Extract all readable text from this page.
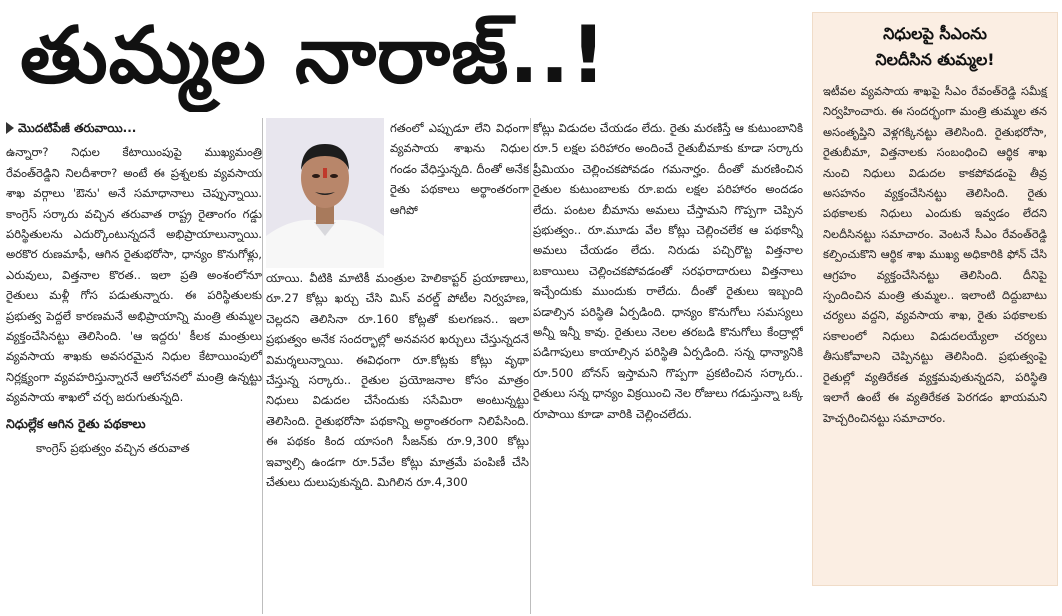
తుమ్మల నారాజ్..!
మొదటిపేజీ తరువాయి...

ఉన్నారా? నిధుల కేటాయింపుపై ముఖ్యమంత్రి రేవంత్‌రెడ్డిని నిలదీశారా? అంటే ఈ ప్రశ్నలకు వ్యవసాయ శాఖ వర్గాలు 'ఔను' అనే సమాధానాలు చెప్పున్నాయి. కాంగ్రెస్ సర్కారు వచ్చిన తరువాత రాష్ట్ర రైతాంగం గడ్డు పరిస్థితులను ఎదుర్కొంటున్నదనే అభిప్రాయాలున్నాయి. అరకొర రుణమాఫీ, ఆగిన రైతుభరోసా, ధాన్యం కొనుగోళ్లు, ఎరువులు, విత్తనాల కొరత.. ఇలా ప్రతి అంశంలోనూ రైతులు మళ్లీ గోస పడుతున్నారు. ఈ పరిస్థితులకు ప్రభుత్వ పెద్దలే కారణమనే అభిప్రాయాన్ని మంత్రి తుమ్మల వ్యక్తంచేసినట్టు తెలిసింది. 'ఆ ఇద్దరు' కీలక మంత్రులు వ్యవసాయ శాఖకు అవసరమైన నిధుల కేటాయింపులో నిర్లక్ష్యంగా వ్యవహరిస్తున్నారనే ఆలోచనలో మంత్రి ఉన్నట్టు వ్యవసాయ శాఖలో చర్చ జరుగుతున్నది.

నిధుల్లేక ఆగిన రైతు పథకాలు

కాంగ్రెస్ ప్రభుత్వం వచ్చిన తరువాత

గతంలో ఎప్పుడూ లేని విధంగా వ్యవసాయ శాఖను నిధుల గండం వేధిస్తున్నది. దీంతో అనేక రైతు పథకాలు అర్థాంతరంగా ఆగిపో

యాయి. వీటికి మాటికీ మంత్రుల హెలికాప్టర్ ప్రయాణాలు, రూ.27 కోట్లు ఖర్చు చేసి మిస్ వరల్డ్ పోటీల నిర్వహణ, చెల్లదని తెలిసినా రూ.160 కోట్లతో కులగణన.. ఇలా ప్రభుత్వం అనేక సందర్భాల్లో అనవసర ఖర్చులు చేస్తున్నదనే విమర్శలున్నాయి. ఈవిధంగా రూ.కోట్లకు కోట్లు వృథా చేస్తున్న సర్కారు.. రైతుల ప్రయోజనాల కోసం మాత్రం నిధులు విడుదల చేసేందుకు ససేమిరా అంటున్నట్టు తెలిసింది. రైతుభరోసా పథకాన్ని అర్ధాంతరంగా నిలిపేసింది. ఈ పథకం కింద యాసంగి సీజన్‌కు రూ.9,300 కోట్లు ఇవ్వాల్సి ఉండగా రూ.5వేల కోట్లు మాత్రమే పంపిణీ చేసి చేతులు దులుపుకున్నది. మిగిలిన రూ.4,300

కోట్లు విడుదల చేయడం లేదు. రైతు మరణిస్తే ఆ కుటుంబానికి రూ.5 లక్షల పరిహారం అందించే రైతుబీమాకు కూడా సర్కారు ప్రీమియం చెల్లించకపోవడం గమనార్హం. దీంతో మరణించిన రైతుల కుటుంబాలకు రూ.ఐదు లక్షల పరిహారం అందడం లేదు. పంటల బీమాను అమలు చేస్తామని గొప్పగా చెప్పిన ప్రభుత్వం.. రూ.మూడు వేల కోట్లు చెల్లించలేక ఆ పథకాన్నీ అమలు చేయడం లేదు. నిరుడు పచ్చిరొట్ట విత్తనాల బకాయిలు చెల్లించకపోవడంతో సరఫరాదారులు విత్తనాలు ఇచ్చేందుకు ముందుకు రాలేదు. దీంతో రైతులు ఇబ్బంది పడాల్సిన పరిస్థితి ఏర్పడింది. ధాన్యం కొనుగోలు సమస్యలు అన్నీ ఇన్నీ కావు. రైతులు నెలల తరబడి కొనుగోలు కేంద్రాల్లో పడిగాపులు కాయాల్సిన పరిస్థితి ఏర్పడింది. సన్న ధాన్యానికి రూ.500 బోనస్ ఇస్తామని గొప్పగా ప్రకటించిన సర్కారు.. రైతులు సన్న ధాన్యం విక్రయించి నెల రోజులు గడుస్తున్నా ఒక్క రూపాయి కూడా వారికి చెల్లించలేదు.

నిధులపై సీఎంను
నిలదీసిన తుమ్మల!
ఇటీవల వ్యవసాయ శాఖపై సీఎం రేవంత్‌రెడ్డి సమీక్ష నిర్వహించారు. ఈ సందర్భంగా మంత్రి తుమ్మల తన అసంతృప్తిని వెళ్లగక్కినట్టు తెలిసింది. రైతుభరోసా, రైతుబీమా, విత్తనాలకు సంబంధించి ఆర్థిక శాఖ నుంచి నిధులు విడుదల కాకపోవడంపై తీవ్ర అసహనం వ్యక్తంచేసినట్టు తెలిసింది. రైతు పథకాలకు నిధులు ఎందుకు ఇవ్వడం లేదని నిలదీసినట్టు సమాచారం. వెంటనే సీఎం రేవంత్‌రెడ్డి కల్పించుకొని ఆర్థిక శాఖ ముఖ్య అధికారికి ఫోన్ చేసి ఆగ్రహం వ్యక్తంచేసినట్టు తెలిసింది. దీనిపై స్పందించిన మంత్రి తుమ్మల.. ఇలాంటి దిద్దుబాటు చర్యలు వద్దని, వ్యవసాయ శాఖ, రైతు పథకాలకు సకాలంలో నిధులు విడుదలయ్యేలా చర్యలు తీసుకోవాలని చెప్పినట్టు తెలిసింది. ప్రభుత్వంపై రైతుల్లో వ్యతిరేకత వ్యక్తమవుతున్నదని, పరిస్థితి ఇలాగే ఉంటే ఈ వ్యతిరేకత పెరగడం ఖాయమని హెచ్చరించినట్టు సమాచారం.
